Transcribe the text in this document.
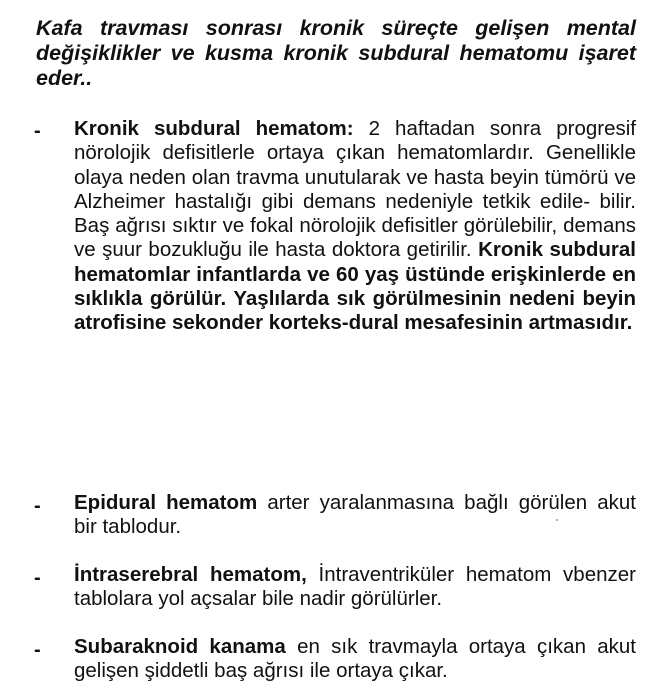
Kafa travması sonrası kronik süreçte gelişen mental değişiklikler ve kusma kronik subdural hematomu işaret eder..
- Kronik subdural hematom: 2 haftadan sonra progresif nörolojik defisitlerle ortaya çıkan hematomlardır. Genellikle olaya neden olan travma unutularak ve hasta beyin tümörü ve Alzheimer hastalığı gibi demans nedeniyle tetkik edile- bilir. Baş ağrısı sıktır ve fokal nörolojik defisitler görülebilir, demans ve şuur bozukluğu ile hasta doktora getirilir. Kronik subdural hematomlar infantlarda ve 60 yaş üstünde erişkinlerde en sıklıkla görülür. Yaşlılarda sık görülmesinin nedeni beyin atrofisine sekonder korteks-dural mesafesinin artmasıdır.
- Epidural hematom arter yaralanmasına bağlı görülen akut bir tablodur.
- İntraserebral hematom, İntraventriküler hematom vbenzer tablolara yol açsalar bile nadir görülürler.
- Subaraknoid kanama en sık travmayla ortaya çıkan akut gelişen şiddetli baş ağrısı ile ortaya çıkar.
